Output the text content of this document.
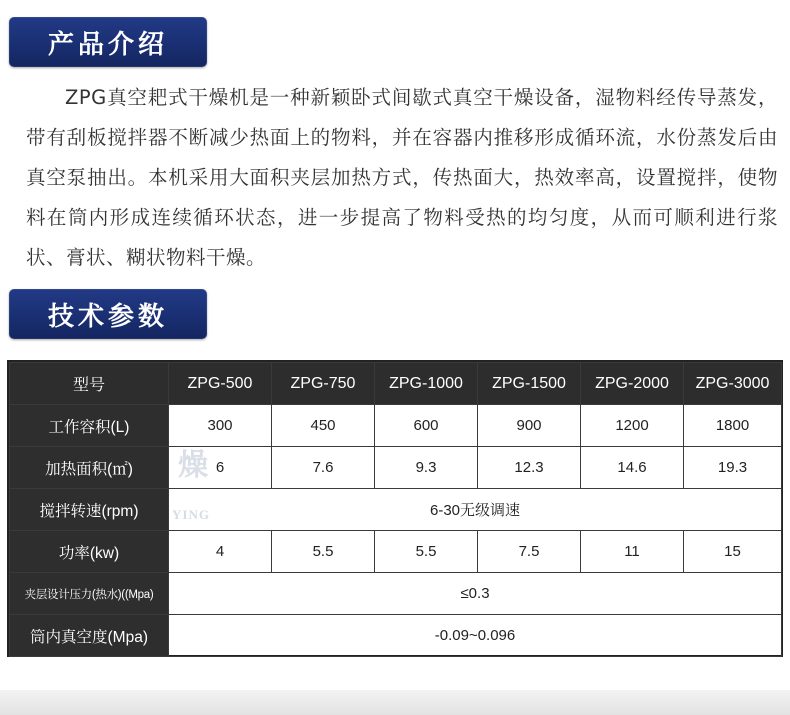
产品介绍

ZPG真空耙式干燥机是一种新颖卧式间歇式真空干燥设备，湿物料经传导蒸发，带有刮板搅拌器不断减少热面上的物料，并在容器内推移形成循环流，水份蒸发后由真空泵抽出。本机采用大面积夹层加热方式，传热面大，热效率高，设置搅拌，使物料在筒内形成连续循环状态，进一步提高了物料受热的均匀度，从而可顺利进行浆状、膏状、糊状物料干燥。

技术参数
型号	ZPG-500	ZPG-750	ZPG-1000	ZPG-1500	ZPG-2000	ZPG-3000
工作容积(L)	300	450	600	900	1200	1800
加热面积(㎡)	6	7.6	9.3	12.3	14.6	19.3
搅拌转速(rpm)	6-30无级调速					
功率(kw)	4	5.5	5.5	7.5	11	15
夹层设计压力(热水)((Mpa)	≤0.3					
筒内真空度(Mpa)	-0.09~0.096					
燥
YING
